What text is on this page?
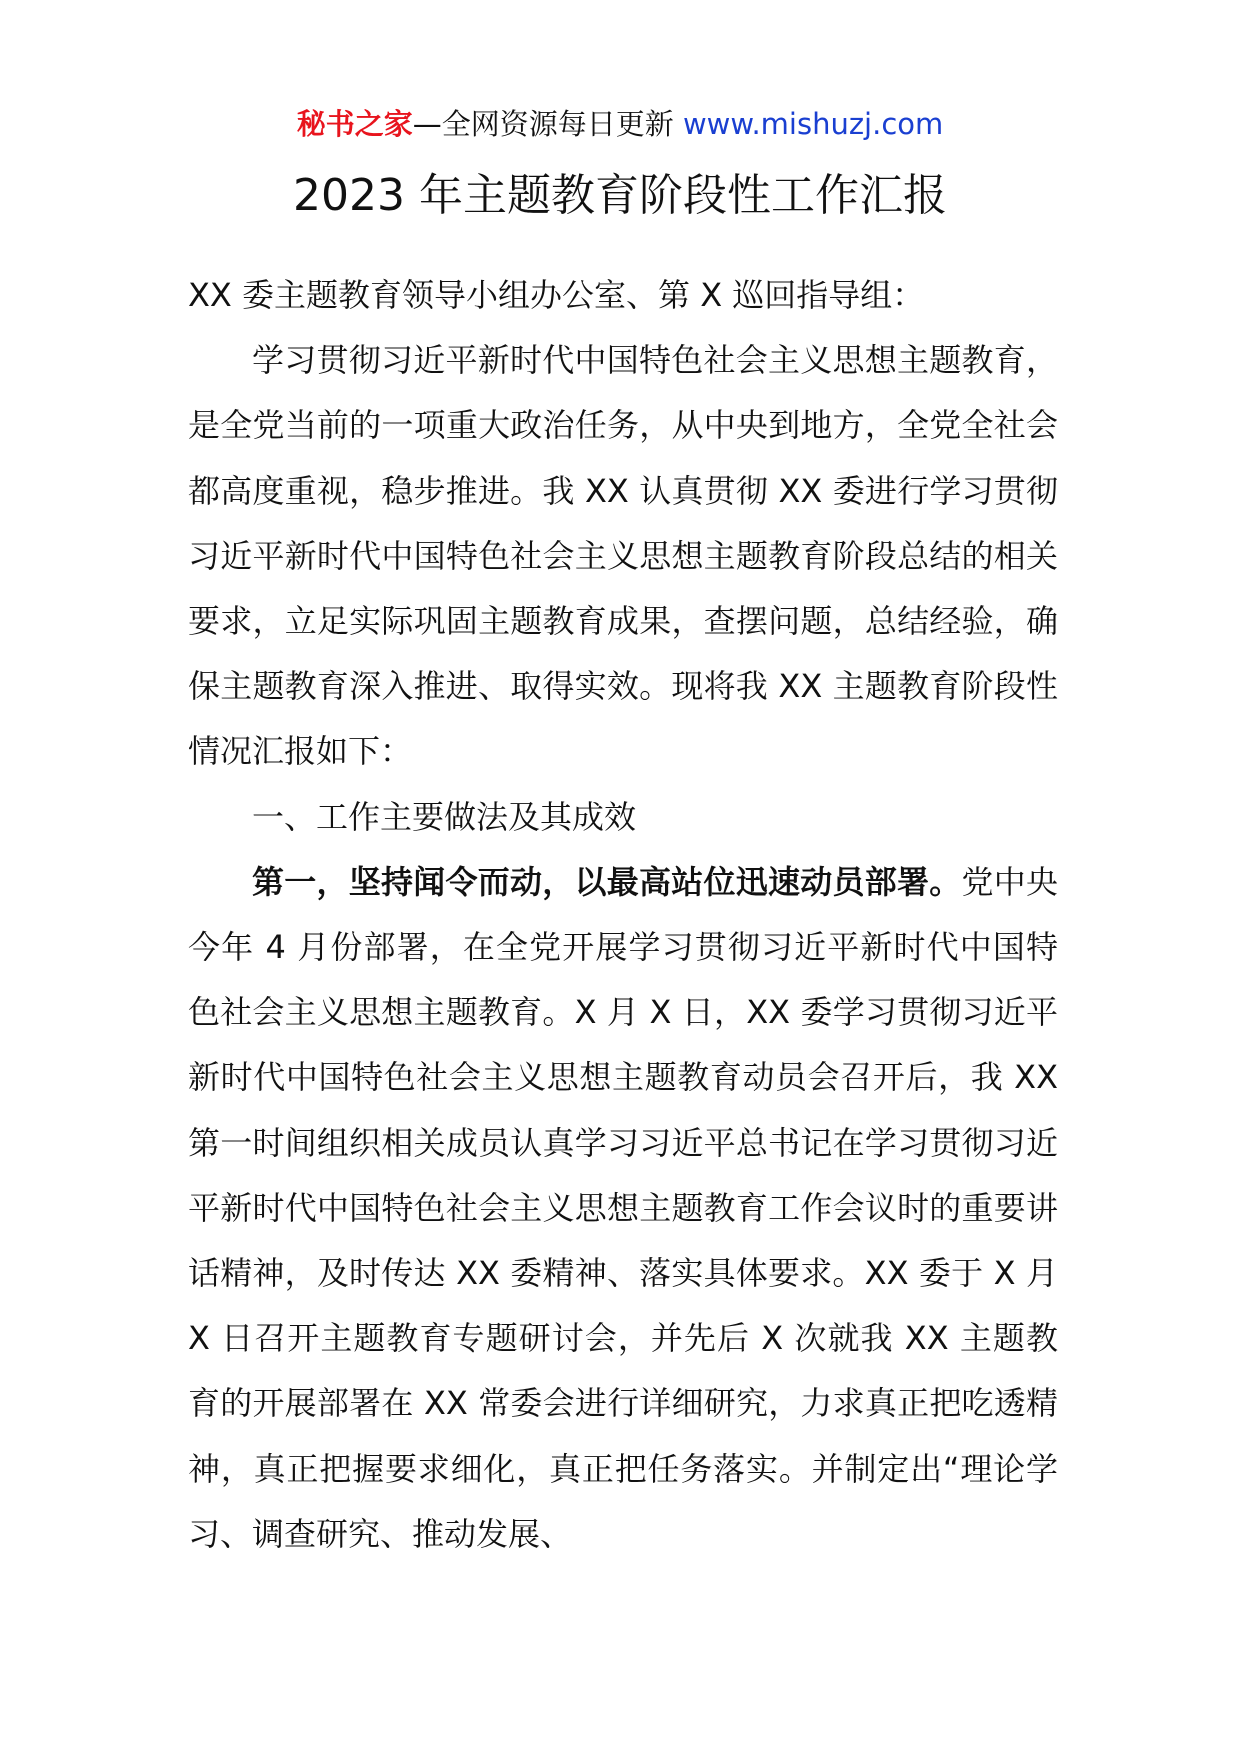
秘书之家—全网资源每日更新 www.mishuzj.com
2023 年主题教育阶段性工作汇报

XX 委主题教育领导小组办公室、第 X 巡回指导组：

学习贯彻习近平新时代中国特色社会主义思想主题教育，是全党当前的一项重大政治任务，从中央到地方，全党全社会都高度重视，稳步推进。我 XX 认真贯彻 XX 委进行学习贯彻习近平新时代中国特色社会主义思想主题教育阶段总结的相关要求，立足实际巩固主题教育成果，查摆问题，总结经验，确保主题教育深入推进、取得实效。现将我 XX 主题教育阶段性情况汇报如下：

一、工作主要做法及其成效

第一，坚持闻令而动，以最高站位迅速动员部署。党中央今年 4 月份部署，在全党开展学习贯彻习近平新时代中国特色社会主义思想主题教育。X 月 X 日，XX 委学习贯彻习近平新时代中国特色社会主义思想主题教育动员会召开后，我 XX 第一时间组织相关成员认真学习习近平总书记在学习贯彻习近平新时代中国特色社会主义思想主题教育工作会议时的重要讲话精神，及时传达 XX 委精神、落实具体要求。XX 委于 X 月 X 日召开主题教育专题研讨会，并先后 X 次就我 XX 主题教育的开展部署在 XX 常委会进行详细研究，力求真正把吃透精神，真正把握要求细化，真正把任务落实。并制定出“理论学习、调查研究、推动发展、
